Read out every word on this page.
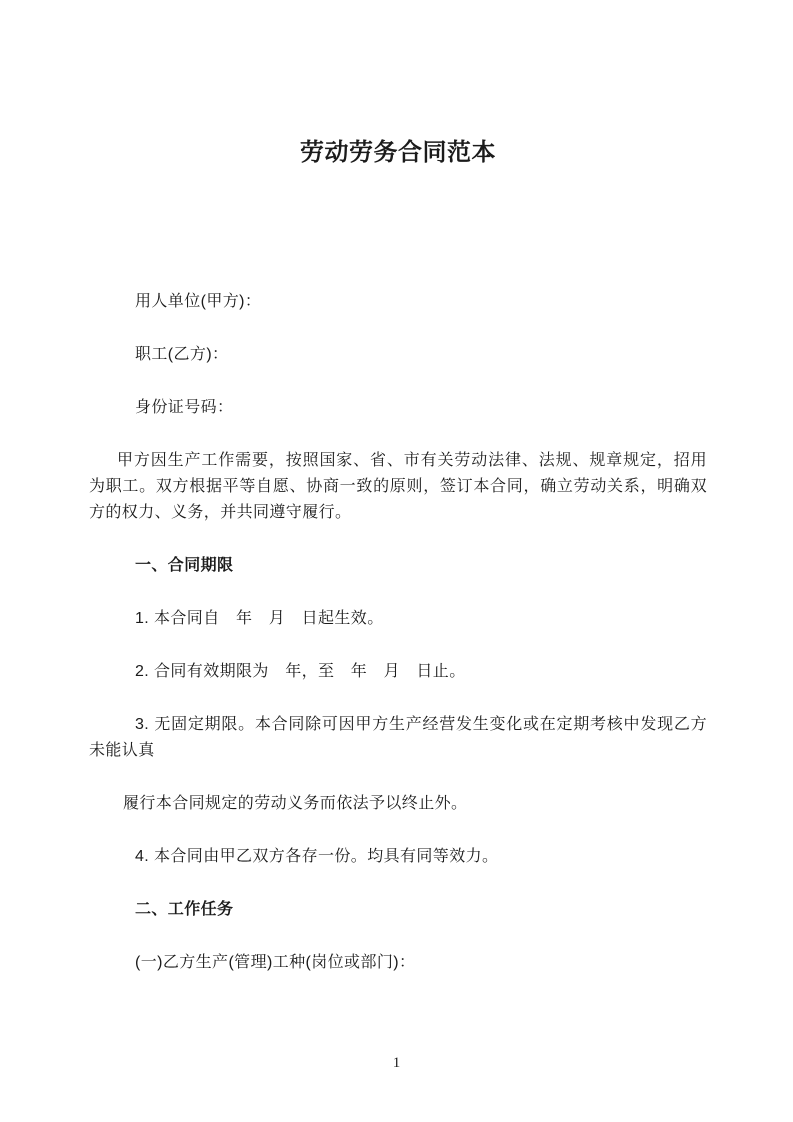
劳动劳务合同范本

用人单位(甲方)：

职工(乙方)：

身份证号码：

甲方因生产工作需要，按照国家、省、市有关劳动法律、法规、规章规定，招用为职工。双方根据平等自愿、协商一致的原则，签订本合同，确立劳动关系，明确双方的权力、义务，并共同遵守履行。

一、合同期限

1. 本合同自　年　月　日起生效。

2. 合同有效期限为　年，至　年　月　日止。

3. 无固定期限。本合同除可因甲方生产经营发生变化或在定期考核中发现乙方未能认真

履行本合同规定的劳动义务而依法予以终止外。

4. 本合同由甲乙双方各存一份。均具有同等效力。

二、工作任务

(一)乙方生产(管理)工种(岗位或部门)：

1
